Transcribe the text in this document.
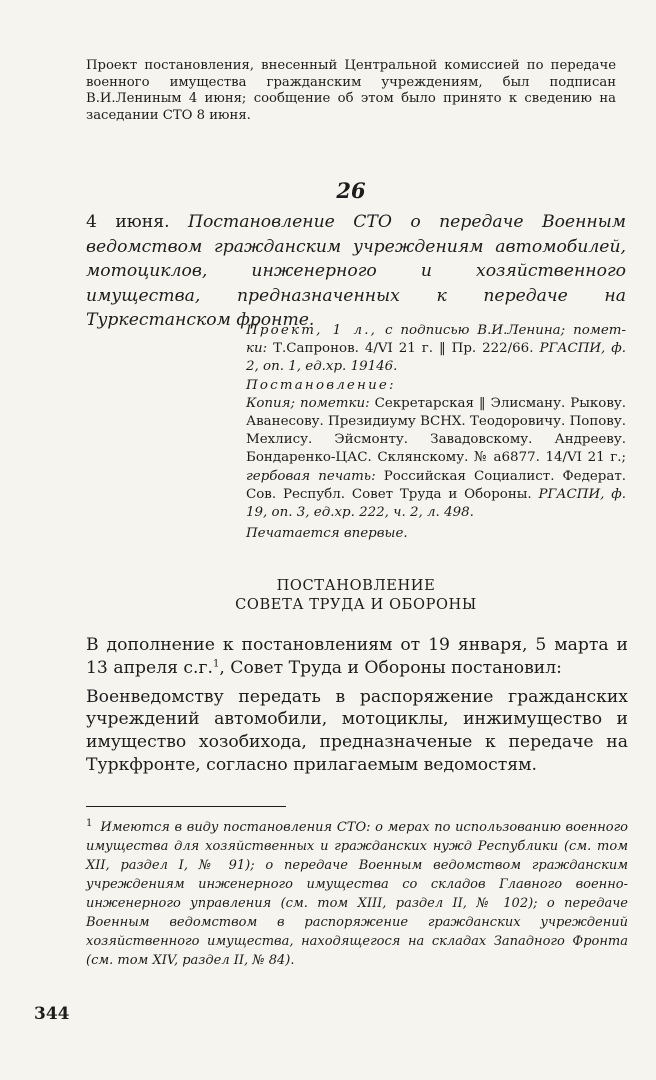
Проект постановления, внесенный Центральной комиссией по передаче военного имущества гражданским учреждениям, был подписан В.И.Лениным 4 июня; сообщение об этом было принято к сведению на заседании СТО 8 июня.
26
4 июня. Постановление СТО о передаче Военным ведомством гражданским учреждениям автомобилей, мотоциклов, инженерного и хозяйственного имущества, предназначенных к передаче на Туркестанском фронте.

Проект, 1 л., с подписью В.И.Ленина; помет- ки: Т.Сапронов. 4/VI 21 г. ‖ Пр. 222/66. РГАСПИ, ф. 2, оп. 1, ед.хр. 19146.

Постановление:

Копия; пометки: Секретарская ‖ Элисману. Рыкову. Аванесову. Президиуму ВСНХ. Теодоровичу. Попову. Мехлису. Эйсмонту. Завадовскому. Андрееву. Бондаренко-ЦАС. Склянскому. № а6877. 14/VI 21 г.; гербовая печать: Российская Социалист. Федерат. Сов. Республ. Совет Труда и Обороны. РГАСПИ, ф. 19, оп. 3, ед.хр. 222, ч. 2, л. 498.

Печатается впервые.

ПОСТАНОВЛЕНИЕ
СОВЕТА ТРУДА И ОБОРОНЫ

В дополнение к постановлениям от 19 января, 5 марта и 13 апреля с.г.$^1$, Совет Труда и Обороны постановил:

Военведомству передать в распоряжение гражданских учреждений автомобили, мотоциклы, инжимущество и имущество хозобихода, предназначеные к передаче на Туркфронте, согласно прилагаемым ведомостям.

$^1$ Имеются в виду постановления СТО: о мерах по использованию военного имущества для хозяйственных и гражданских нужд Республики (см. том XII, раздел I, № 91); о передаче Военным ведомством гражданским учреждениям инженерного имущества со складов Главного военно-инженерного управления (см. том XIII, раздел II, № 102); о передаче Военным ведомством в распоряжение гражданских учреждений хозяйственного имущества, находящегося на складах Западного Фронта (см. том XIV, раздел II, № 84).
344
